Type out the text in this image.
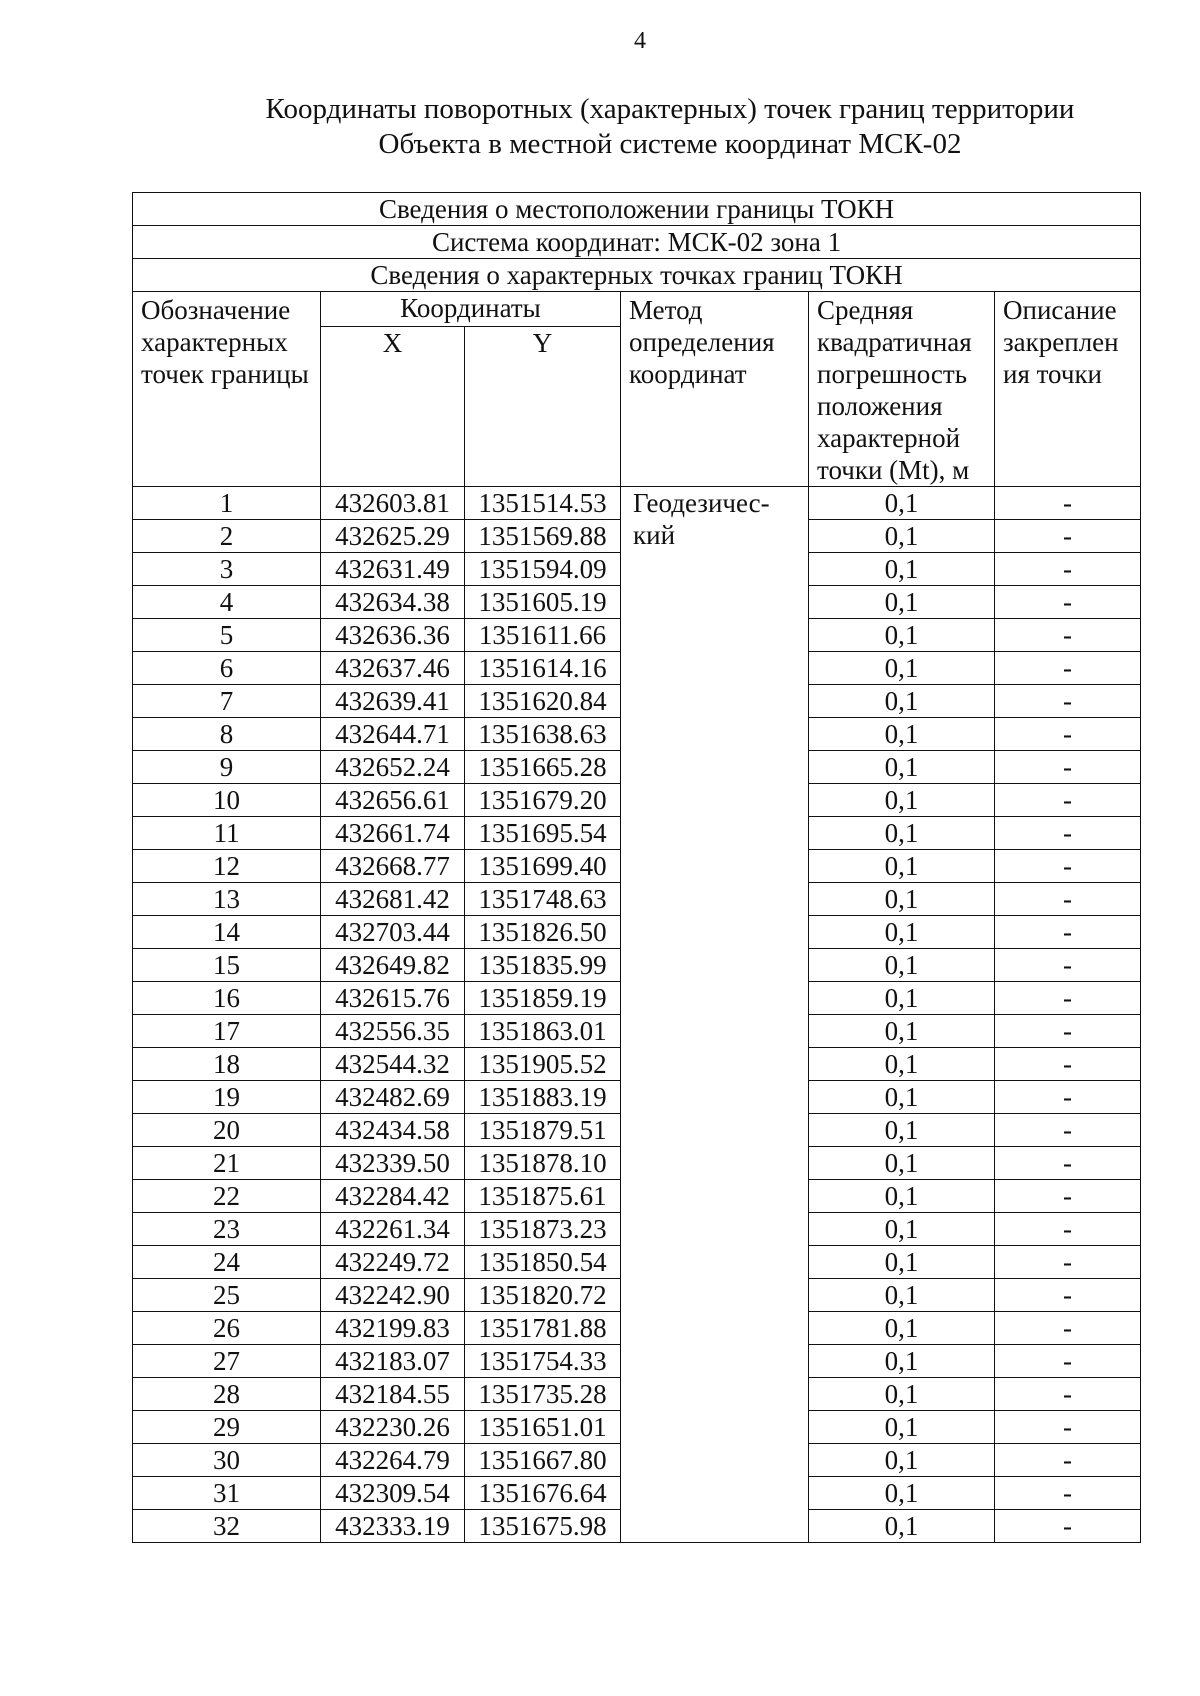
4
Координаты поворотных (характерных) точек границ территории
Объекта в местной системе координат МСК-02
Сведения о местоположении границы ТОКН					
Система координат: МСК-02 зона 1					
Сведения о характерных точках границ ТОКН					
Обозначение характерных точек границы	Координаты		Метод определения координат	Средняя квадратичная погрешность положения характерной точки (Mt), м	Описание закреплен ия точки
	X	Y			
1	432603.81	1351514.53	Геодезичес- кий	0,1	-
2	432625.29	1351569.88		0,1	-
3	432631.49	1351594.09		0,1	-
4	432634.38	1351605.19		0,1	-
5	432636.36	1351611.66		0,1	-
6	432637.46	1351614.16		0,1	-
7	432639.41	1351620.84		0,1	-
8	432644.71	1351638.63		0,1	-
9	432652.24	1351665.28		0,1	-
10	432656.61	1351679.20		0,1	-
11	432661.74	1351695.54		0,1	-
12	432668.77	1351699.40		0,1	-
13	432681.42	1351748.63		0,1	-
14	432703.44	1351826.50		0,1	-
15	432649.82	1351835.99		0,1	-
16	432615.76	1351859.19		0,1	-
17	432556.35	1351863.01		0,1	-
18	432544.32	1351905.52		0,1	-
19	432482.69	1351883.19		0,1	-
20	432434.58	1351879.51		0,1	-
21	432339.50	1351878.10		0,1	-
22	432284.42	1351875.61		0,1	-
23	432261.34	1351873.23		0,1	-
24	432249.72	1351850.54		0,1	-
25	432242.90	1351820.72		0,1	-
26	432199.83	1351781.88		0,1	-
27	432183.07	1351754.33		0,1	-
28	432184.55	1351735.28		0,1	-
29	432230.26	1351651.01		0,1	-
30	432264.79	1351667.80		0,1	-
31	432309.54	1351676.64		0,1	-
32	432333.19	1351675.98		0,1	-
